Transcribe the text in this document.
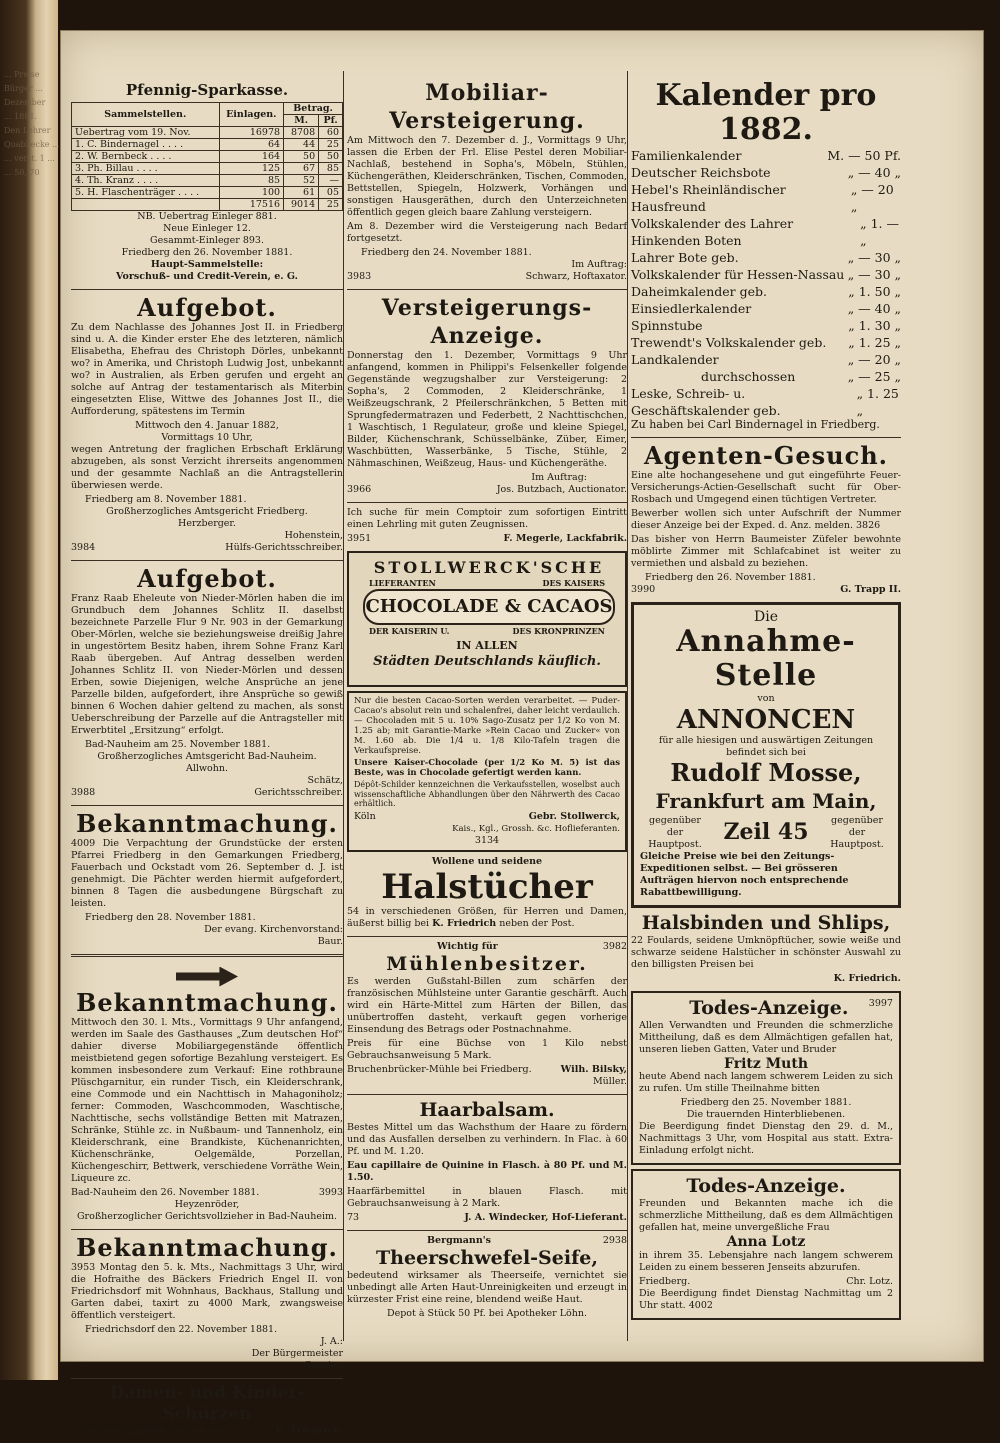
... Preise
Bürger ...
Dezember
... 1881.
Den Lehrer
Quabbecke ...
... verst. 1 ...
... 50, 70
Pfennig-Sparkasse.
Sammelstellen.	Einlagen.	Betrag.	
		M.	Pf.
Uebertrag vom 19. Nov.	16978	8708	60
1. C. Bindernagel . . . .	64	44	25
2. W. Bernbeck . . . .	164	50	50
3. Ph. Billau . . . .	125	67	85
4. Th. Kranz . . . .	85	52	—
5. H. Flaschenträger . . . .	100	61	05
	17516	9014	25
NB. Uebertrag Einleger 881.
Neue Einleger 12.
Gesammt-Einleger 893.
Friedberg den 26. November 1881.
Haupt-Sammelstelle:
Vorschuß- und Credit-Verein, e. G.
Aufgebot.

Zu dem Nachlasse des Johannes Jost II. in Friedberg sind u. A. die Kinder erster Ehe des letzteren, nämlich Elisabetha, Ehefrau des Christoph Dörles, unbekannt wo? in Amerika, und Christoph Ludwig Jost, unbekannt wo? in Australien, als Erben gerufen und ergeht an solche auf Antrag der testamentarisch als Miterbin eingesetzten Elise, Wittwe des Johannes Jost II., die Aufforderung, spätestens im Termin

Mittwoch den 4. Januar 1882,
Vormittags 10 Uhr,

wegen Antretung der fraglichen Erbschaft Erklärung abzugeben, als sonst Verzicht ihrerseits angenommen und der gesammte Nachlaß an die Antragstellerin überwiesen werde.

Friedberg am 8. November 1881.
Großherzogliches Amtsgericht Friedberg.
Herzberger.
Hohenstein,
3984	Hülfs-Gerichtsschreiber.
Aufgebot.

Franz Raab Eheleute von Nieder-Mörlen haben die im Grundbuch dem Johannes Schlitz II. daselbst bezeichnete Parzelle Flur 9 Nr. 903 in der Gemarkung Ober-Mörlen, welche sie beziehungsweise dreißig Jahre in ungestörtem Besitz haben, ihrem Sohne Franz Karl Raab übergeben. Auf Antrag desselben werden Johannes Schlitz II. von Nieder-Mörlen und dessen Erben, sowie Diejenigen, welche Ansprüche an jene Parzelle bilden, aufgefordert, ihre Ansprüche so gewiß binnen 6 Wochen dahier geltend zu machen, als sonst Ueberschreibung der Parzelle auf die Antragsteller mit Erwerbtitel „Ersitzung“ erfolgt.

Bad-Nauheim am 25. November 1881.
Großherzogliches Amtsgericht Bad-Nauheim.
Allwohn.
Schätz,
3988	Gerichtsschreiber.
Bekanntmachung.

4009 Die Verpachtung der Grundstücke der ersten Pfarrei Friedberg in den Gemarkungen Friedberg, Fauerbach und Ockstadt vom 26. September d. J. ist genehmigt. Die Pächter werden hiermit aufgefordert, binnen 8 Tagen die ausbedungene Bürgschaft zu leisten.

Friedberg den 28. November 1881.
Der evang. Kirchenvorstand:
Baur.
Bekanntmachung.

Mittwoch den 30. l. Mts., Vormittags 9 Uhr anfangend, werden im Saale des Gasthauses „Zum deutschen Hof“ dahier diverse Mobiliargegenstände öffentlich meistbietend gegen sofortige Bezahlung versteigert. Es kommen insbesondere zum Verkauf: Eine rothbraune Plüschgarnitur, ein runder Tisch, ein Kleiderschrank, eine Commode und ein Nachttisch in Mahagoniholz; ferner: Commoden, Waschcommoden, Waschtische, Nachttische, sechs vollständige Betten mit Matrazen, Schränke, Stühle zc. in Nußbaum- und Tannenholz, ein Kleiderschrank, eine Brandkiste, Küchenanrichten, Küchenschränke, Oelgemälde, Porzellan, Küchengeschirr, Bettwerk, verschiedene Vorräthe Wein, Liqueure zc.

Bad-Nauheim den 26. November 1881.	3993
Heyzenröder,
Großherzoglicher Gerichtsvollzieher in Bad-Nauheim.
Bekanntmachung.

3953 Montag den 5. k. Mts., Nachmittags 3 Uhr, wird die Hofraithe des Bäckers Friedrich Engel II. von Friedrichsdorf mit Wohnhaus, Backhaus, Stallung und Garten dabei, taxirt zu 4000 Mark, zwangsweise öffentlich versteigert.

Friedrichsdorf den 22. November 1881.
J. A.:
Der Bürgermeister
Garnier.
Damen- und Kinder-Schürzen
71 zu den billigsten Preisen bei	K. Friedrich.
Mobiliar-Versteigerung.

Am Mittwoch den 7. Dezember d. J., Vormittags 9 Uhr, lassen die Erben der Frl. Elise Pestel deren Mobiliar-Nachlaß, bestehend in Sopha's, Möbeln, Stühlen, Küchengeräthen, Kleiderschränken, Tischen, Commoden, Bettstellen, Spiegeln, Holzwerk, Vorhängen und sonstigen Hausgeräthen, durch den Unterzeichneten öffentlich gegen gleich baare Zahlung versteigern.

Am 8. Dezember wird die Versteigerung nach Bedarf fortgesetzt.

Friedberg den 24. November 1881.
Im Auftrag:
3983	Schwarz, Hoftaxator.
Versteigerungs-Anzeige.

Donnerstag den 1. Dezember, Vormittags 9 Uhr anfangend, kommen in Philippi's Felsenkeller folgende Gegenstände wegzugshalber zur Versteigerung: 2 Sopha's, 2 Commoden, 2 Kleiderschränke, 1 Weißzeugschrank, 2 Pfeilerschränkchen, 5 Betten mit Sprungfedermatrazen und Federbett, 2 Nachttischchen, 1 Waschtisch, 1 Regulateur, große und kleine Spiegel, Bilder, Küchenschrank, Schüsselbänke, Züber, Eimer, Waschbütten, Wasserbänke, 5 Tische, Stühle, 2 Nähmaschinen, Weißzeug, Haus- und Küchengeräthe.

Im Auftrag:
3966	Jos. Butzbach, Auctionator.

Ich suche für mein Comptoir zum sofortigen Eintritt einen Lehrling mit guten Zeugnissen.

3951	F. Megerle, Lackfabrik.
STOLLWERCK'SCHE
LIEFERANTEN	DES KAISERS
CHOCOLADE & CACAOS
DER KAISERIN U.	DES KRONPRINZEN
IN ALLEN
Städten Deutschlands käuflich.

Nur die besten Cacao-Sorten werden verarbeitet. — Puder-Cacao's absolut rein und schalenfrei, daher leicht verdaulich. — Chocoladen mit 5 u. 10% Sago-Zusatz per 1/2 Ko von M. 1.25 ab; mit Garantie-Marke »Rein Cacao und Zucker« von M. 1.60 ab. Die 1/4 u. 1/8 Kilo-Tafeln tragen die Verkaufspreise.

Unsere Kaiser-Chocolade (per 1/2 Ko M. 5) ist das Beste, was in Chocolade gefertigt werden kann.

Dépôt-Schilder kennzeichnen die Verkaufsstellen, woselbst auch wissenschaftliche Abhandlungen über den Nährwerth des Cacao erhältlich.

Köln	Gebr. Stollwerck,
Kais., Kgl., Grossh. &c. Hoflieferanten.
3134
Wollene und seidene
Halstücher

54 in verschiedenen Größen, für Herren und Damen, äußerst billig bei K. Friedrich neben der Post.

Wichtig für	3982
Mühlenbesitzer.

Es werden Gußstahl-Billen zum schärfen der französischen Mühlsteine unter Garantie geschärft. Auch wird ein Härte-Mittel zum Härten der Billen, das unübertroffen dasteht, verkauft gegen vorherige Einsendung des Betrags oder Postnachnahme.

Preis für eine Büchse von 1 Kilo nebst Gebrauchsanweisung 5 Mark.

Bruchenbrücker-Mühle bei Friedberg.	Wilh. Bilsky,
Müller.
Haarbalsam.

Bestes Mittel um das Wachsthum der Haare zu fördern und das Ausfallen derselben zu verhindern. In Flac. à 60 Pf. und M. 1.20.

Eau capillaire de Quinine in Flasch. à 80 Pf. und M. 1.50.

Haarfärbemittel in blauen Flasch. mit Gebrauchsanweisung à 2 Mark.

73	J. A. Windecker, Hof-Lieferant.
Bergmann's	2938
Theerschwefel-Seife,

bedeutend wirksamer als Theerseife, vernichtet sie unbedingt alle Arten Haut-Unreinigkeiten und erzeugt in kürzester Frist eine reine, blendend weiße Haut.

Depot à Stück 50 Pf. bei Apotheker Löhn.
Kalender pro 1882.
Familienkalender	M. — 50 Pf.
Deutscher Reichsbote	„ — 40 „
Hebel's Rheinländischer Hausfreund
„ — 20 „
Volkskalender des Lahrer Hinkenden Boten
„ 1. — „
Lahrer Bote geb.	„ — 30 „
Volkskalender für Hessen-Nassau „ — 30 „
Daheimkalender geb.	„ 1. 50 „
Einsiedlerkalender	„ — 40 „
Spinnstube	„ 1. 30 „
Trewendt's Volkskalender geb. „ 1. 25 „
Landkalender	„ — 20 „
durchschossen	„ — 25 „
Leske, Schreib- u. Geschäftskalender geb.
„ 1. 25 „
Zu haben bei Carl Bindernagel in Friedberg.
Agenten-Gesuch.

Eine alte hochangesehene und gut eingeführte Feuer-Versicherungs-Actien-Gesellschaft sucht für Ober-Rosbach und Umgegend einen tüchtigen Vertreter.

Bewerber wollen sich unter Aufschrift der Nummer dieser Anzeige bei der Exped. d. Anz. melden. 3826

Das bisher von Herrn Baumeister Züfeler bewohnte möblirte Zimmer mit Schlafcabinet ist weiter zu vermiethen und alsbald zu beziehen.

Friedberg den 26. November 1881.
3990	G. Trapp II.
Die
Annahme-Stelle
von
ANNONCEN
für alle hiesigen und auswärtigen Zeitungen befindet sich bei
Rudolf Mosse,
Frankfurt am Main,
gegenüber der Hauptpost. Zeil 45	gegenüber der Hauptpost.
Gleiche Preise wie bei den Zeitungs-Expeditionen selbst. — Bei grösseren Aufträgen hiervon noch entsprechende Rabattbewilligung.
Halsbinden und Shlips,

22 Foulards, seidene Umknöpftücher, sowie weiße und schwarze seidene Halstücher in schönster Auswahl zu den billigsten Preisen bei

K. Friedrich.
Todes-Anzeige. 3997

Allen Verwandten und Freunden die schmerzliche Mittheilung, daß es dem Allmächtigen gefallen hat, unseren lieben Gatten, Vater und Bruder

Fritz Muth

heute Abend nach langem schwerem Leiden zu sich zu rufen. Um stille Theilnahme bitten

Friedberg den 25. November 1881.
Die trauernden Hinterbliebenen.

Die Beerdigung findet Dienstag den 29. d. M., Nachmittags 3 Uhr, vom Hospital aus statt. Extra-Einladung erfolgt nicht.

Todes-Anzeige.

Freunden und Bekannten mache ich die schmerzliche Mittheilung, daß es dem Allmächtigen gefallen hat, meine unvergeßliche Frau

Anna Lotz

in ihrem 35. Lebensjahre nach langem schwerem Leiden zu einem besseren Jenseits abzurufen.

Friedberg.	Chr. Lotz.

Die Beerdigung findet Dienstag Nachmittag um 2 Uhr statt. 4002
